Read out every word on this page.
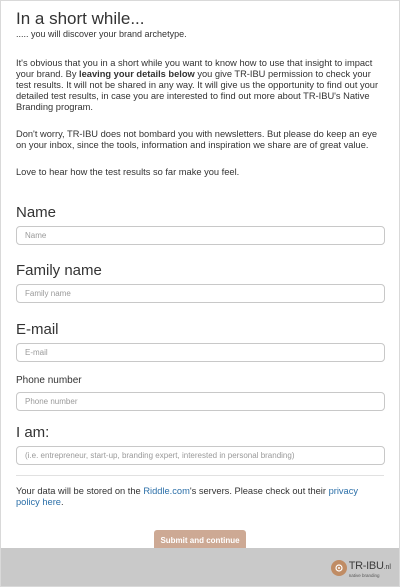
In a short while...
..... you will discover your brand archetype.

It's obvious that you in a short while you want to know how to use that insight to impact your brand. By leaving your details below you give TR-IBU permission to check your test results. It will not be shared in any way. It will give us the opportunity to find out your detailed test results, in case you are interested to find out more about TR-IBU's Native Branding program.

Don't worry, TR-IBU does not bombard you with newsletters. But please do keep an eye on your inbox, since the tools, information and inspiration we share are of great value.

Love to hear how the test results so far make you feel.

Name
Name
Family name
Family name
E-mail
E-mail
Phone number
Phone number
I am:
(i.e. entrepreneur, start-up, branding expert, interested in personal branding)

Your data will be stored on the Riddle.com's servers. Please check out their privacy policy here.

Submit and continue
TR-IBU.nl
native branding
